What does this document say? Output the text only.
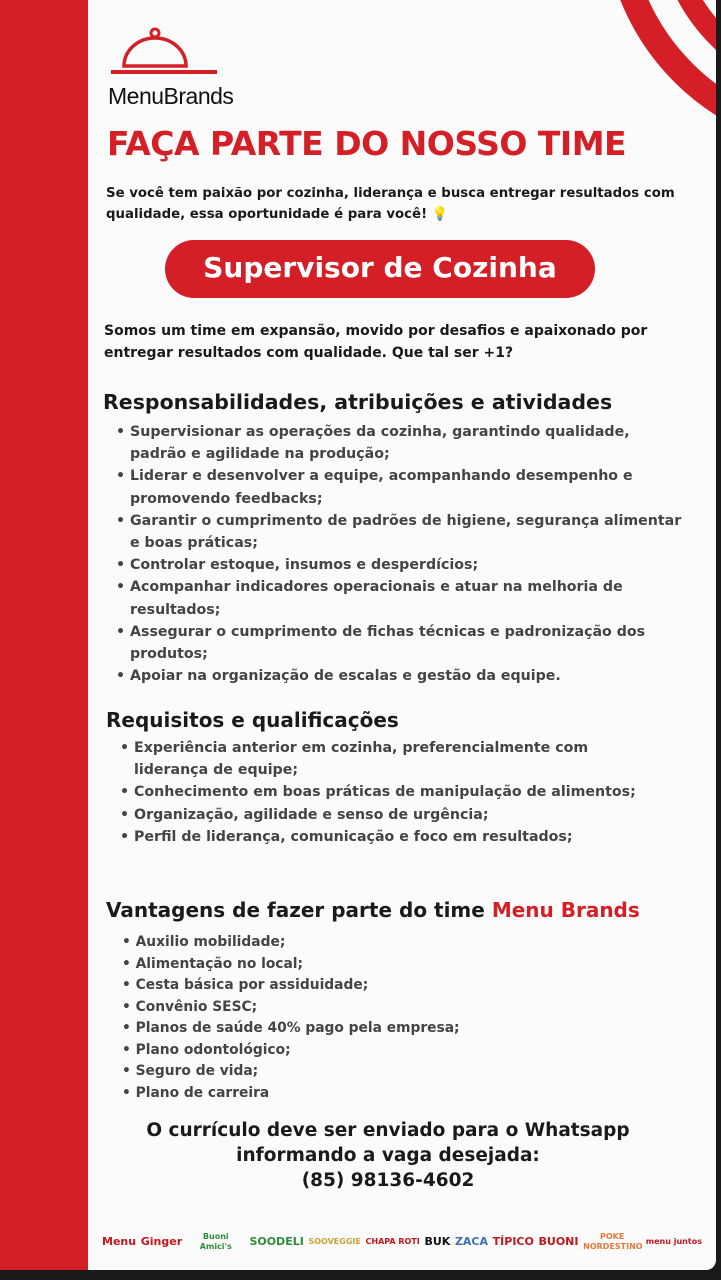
MenuBrands
FAÇA PARTE DO NOSSO TIME
Se você tem paixão por cozinha, liderança e busca entregar resultados com qualidade, essa oportunidade é para você! 💡
Supervisor de Cozinha
Somos um time em expansão, movido por desafios e apaixonado por entregar resultados com qualidade. Que tal ser +1?
Responsabilidades, atribuições e atividades
• Supervisionar as operações da cozinha, garantindo qualidade, padrão e agilidade na produção;
• Liderar e desenvolver a equipe, acompanhando desempenho e promovendo feedbacks;
• Garantir o cumprimento de padrões de higiene, segurança alimentar e boas práticas;
• Controlar estoque, insumos e desperdícios;
• Acompanhar indicadores operacionais e atuar na melhoria de resultados;
• Assegurar o cumprimento de fichas técnicas e padronização dos produtos;
• Apoiar na organização de escalas e gestão da equipe.
Requisitos e qualificações
• Experiência anterior em cozinha, preferencialmente com liderança de equipe;
• Conhecimento em boas práticas de manipulação de alimentos;
• Organização, agilidade e senso de urgência;
• Perfil de liderança, comunicação e foco em resultados;
Vantagens de fazer parte do time Menu Brands
• Auxilio mobilidade;
• Alimentação no local;
• Cesta básica por assiduidade;
• Convênio SESC;
• Planos de saúde 40% pago pela empresa;
• Plano odontológico;
• Seguro de vida;
• Plano de carreira
O currículo deve ser enviado para o Whatsapp
informando a vaga desejada:
(85) 98136-4602
Menu Ginger	Buoni Amici's	SOODELI SOOVEGGIE CHAPA ROTI BUK ZACA TÍPICO BUONI	POKE NORDESTINO
menu juntos
